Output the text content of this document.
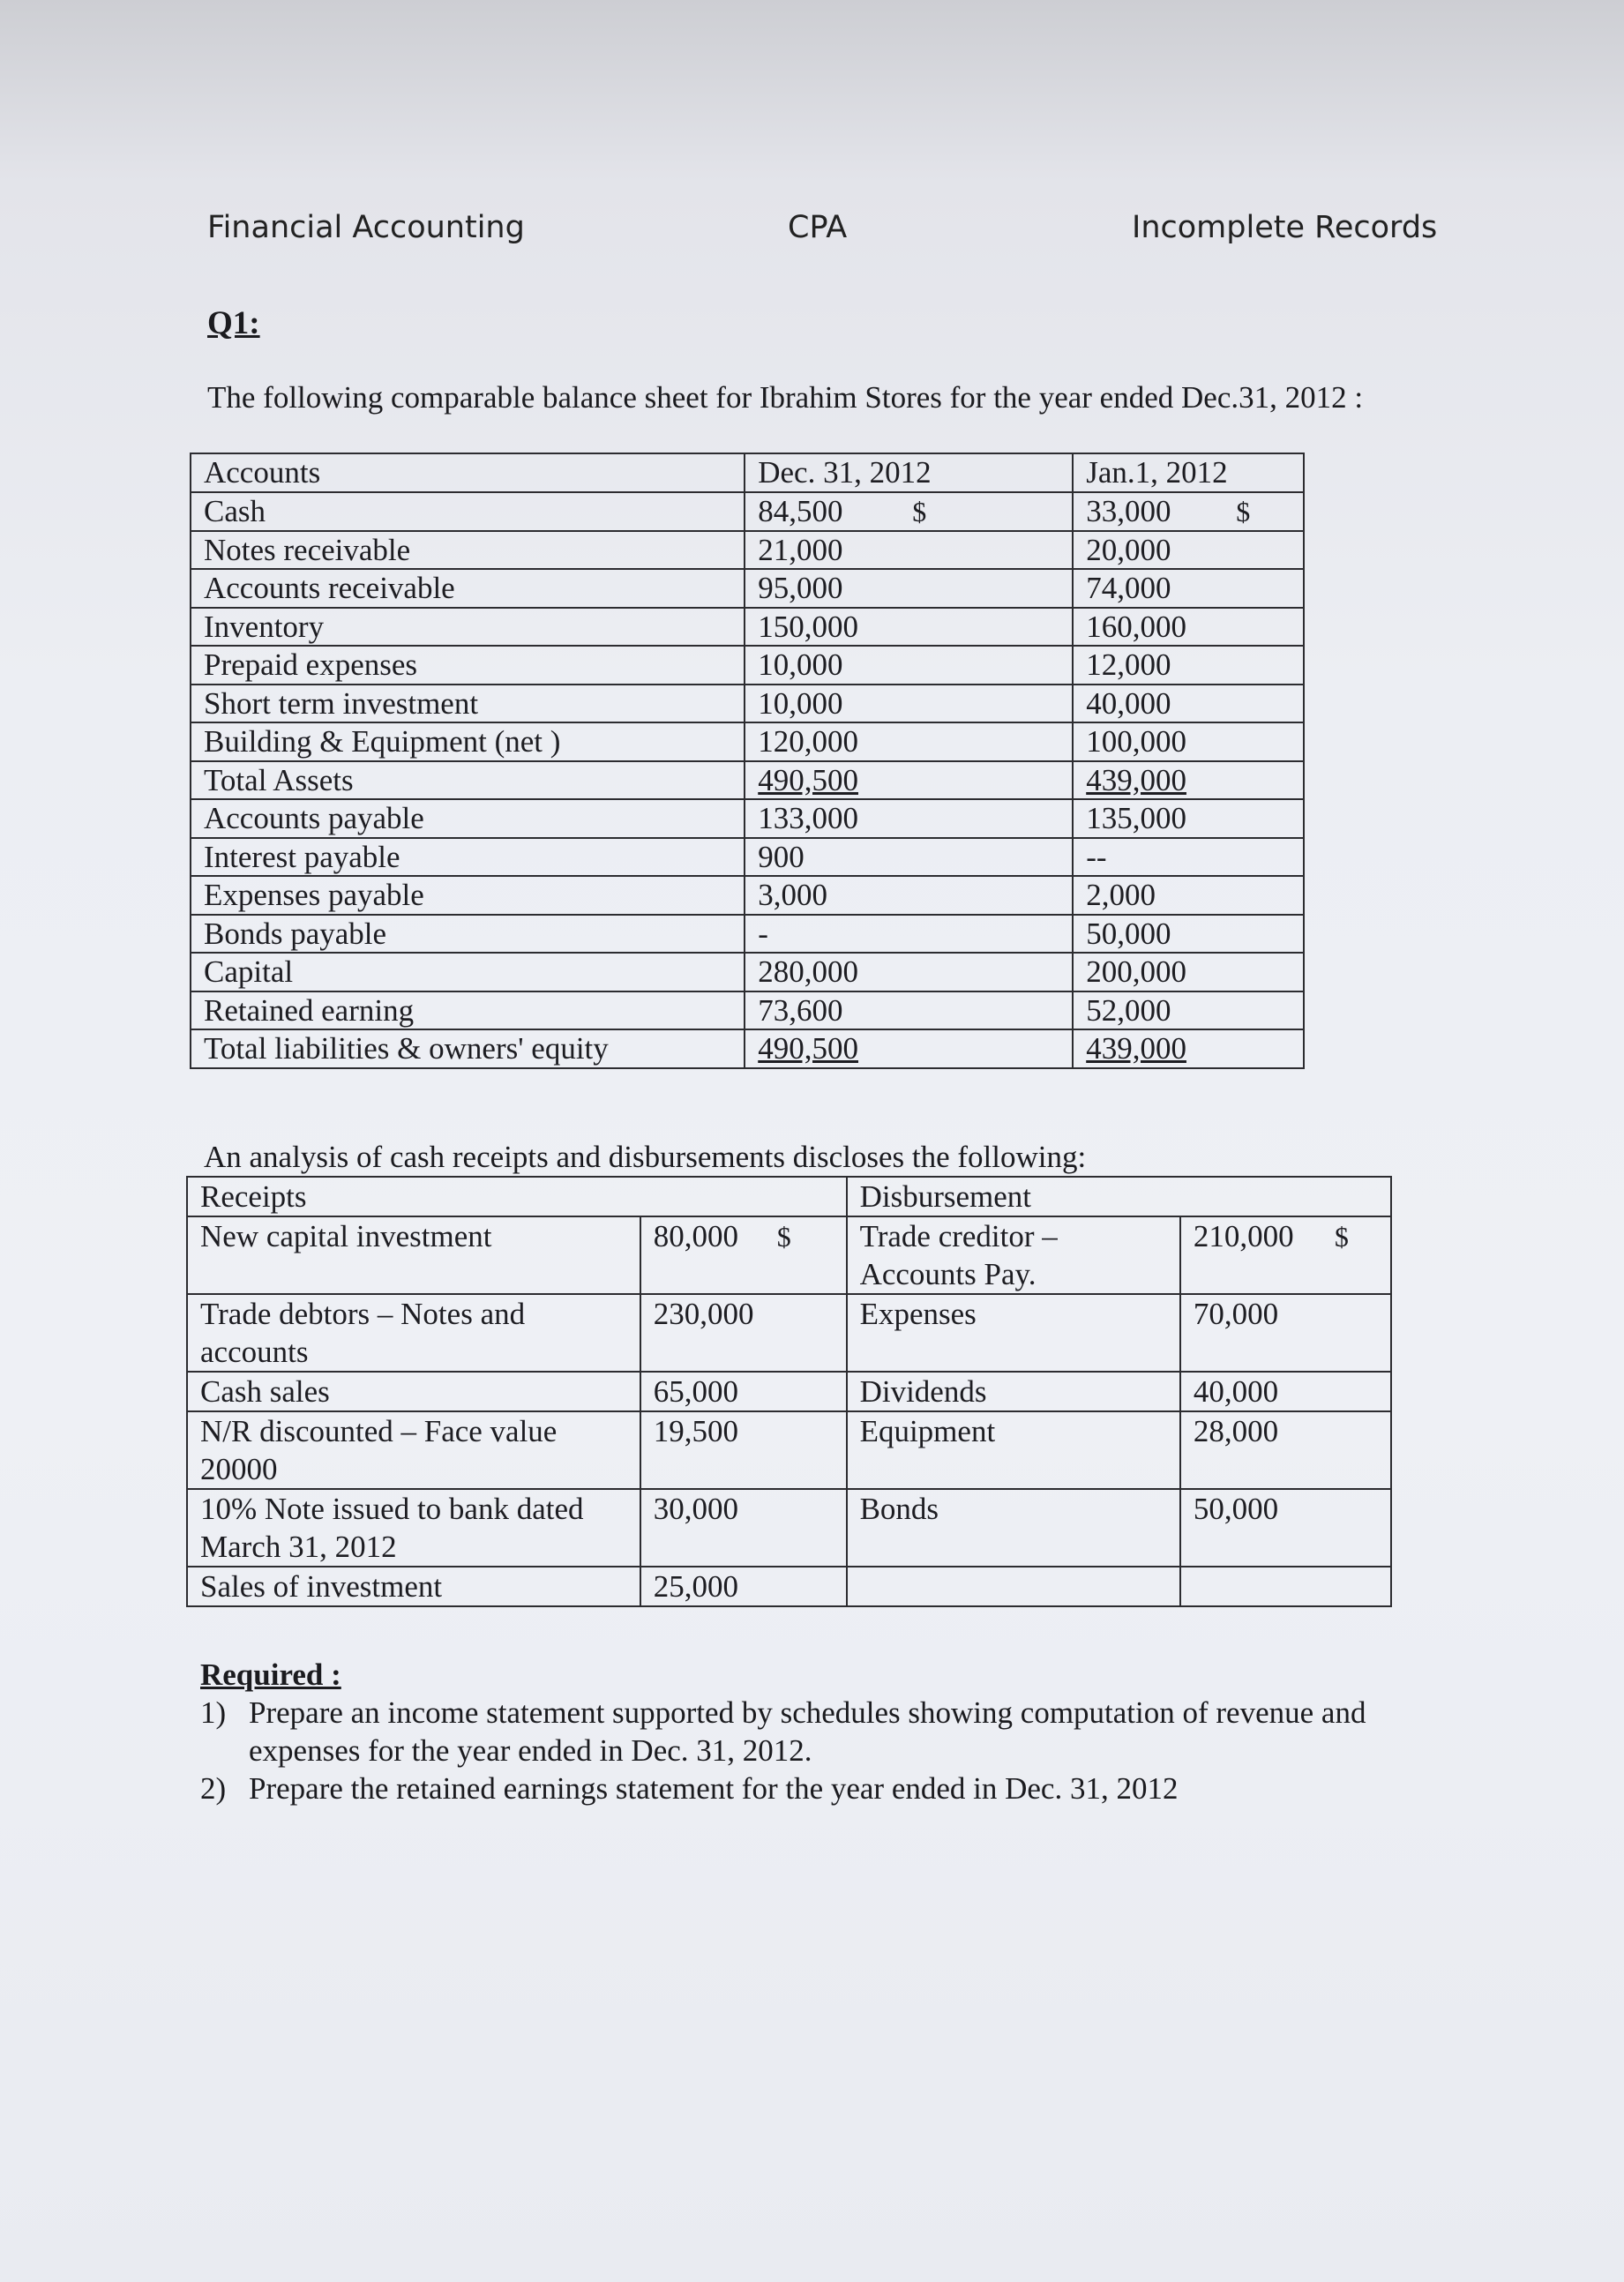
Financial Accounting	CPA	Incomplete Records
Q1:
The following comparable balance sheet for Ibrahim Stores for the year ended Dec.31, 2012 :
Accounts	Dec. 31, 2012	Jan.1, 2012
Cash	84,500 $	33,000 $
Notes receivable	21,000	20,000
Accounts receivable	95,000	74,000
Inventory	150,000	160,000
Prepaid expenses	10,000	12,000
Short term investment	10,000	40,000
Building & Equipment (net )	120,000	100,000
Total Assets	490,500	439,000
Accounts payable	133,000	135,000
Interest payable	900	--
Expenses payable	3,000	2,000
Bonds payable	-	50,000
Capital	280,000	200,000
Retained earning	73,600	52,000
Total liabilities & owners' equity	490,500	439,000
An analysis of cash receipts and disbursements discloses the following:
Receipts		Disbursement	
New capital investment	80,000 $	Trade creditor – Accounts Pay.	210,000 $
Trade debtors – Notes and accounts	230,000	Expenses	70,000
Cash sales	65,000	Dividends	40,000
N/R discounted – Face value 20000	19,500	Equipment	28,000
10% Note issued to bank dated March 31, 2012	30,000	Bonds	50,000
Sales of investment	25,000		
Required :
1) Prepare an income statement supported by schedules showing computation of revenue and expenses for the year ended in Dec. 31, 2012.
2) Prepare the retained earnings statement for the year ended in Dec. 31, 2012
